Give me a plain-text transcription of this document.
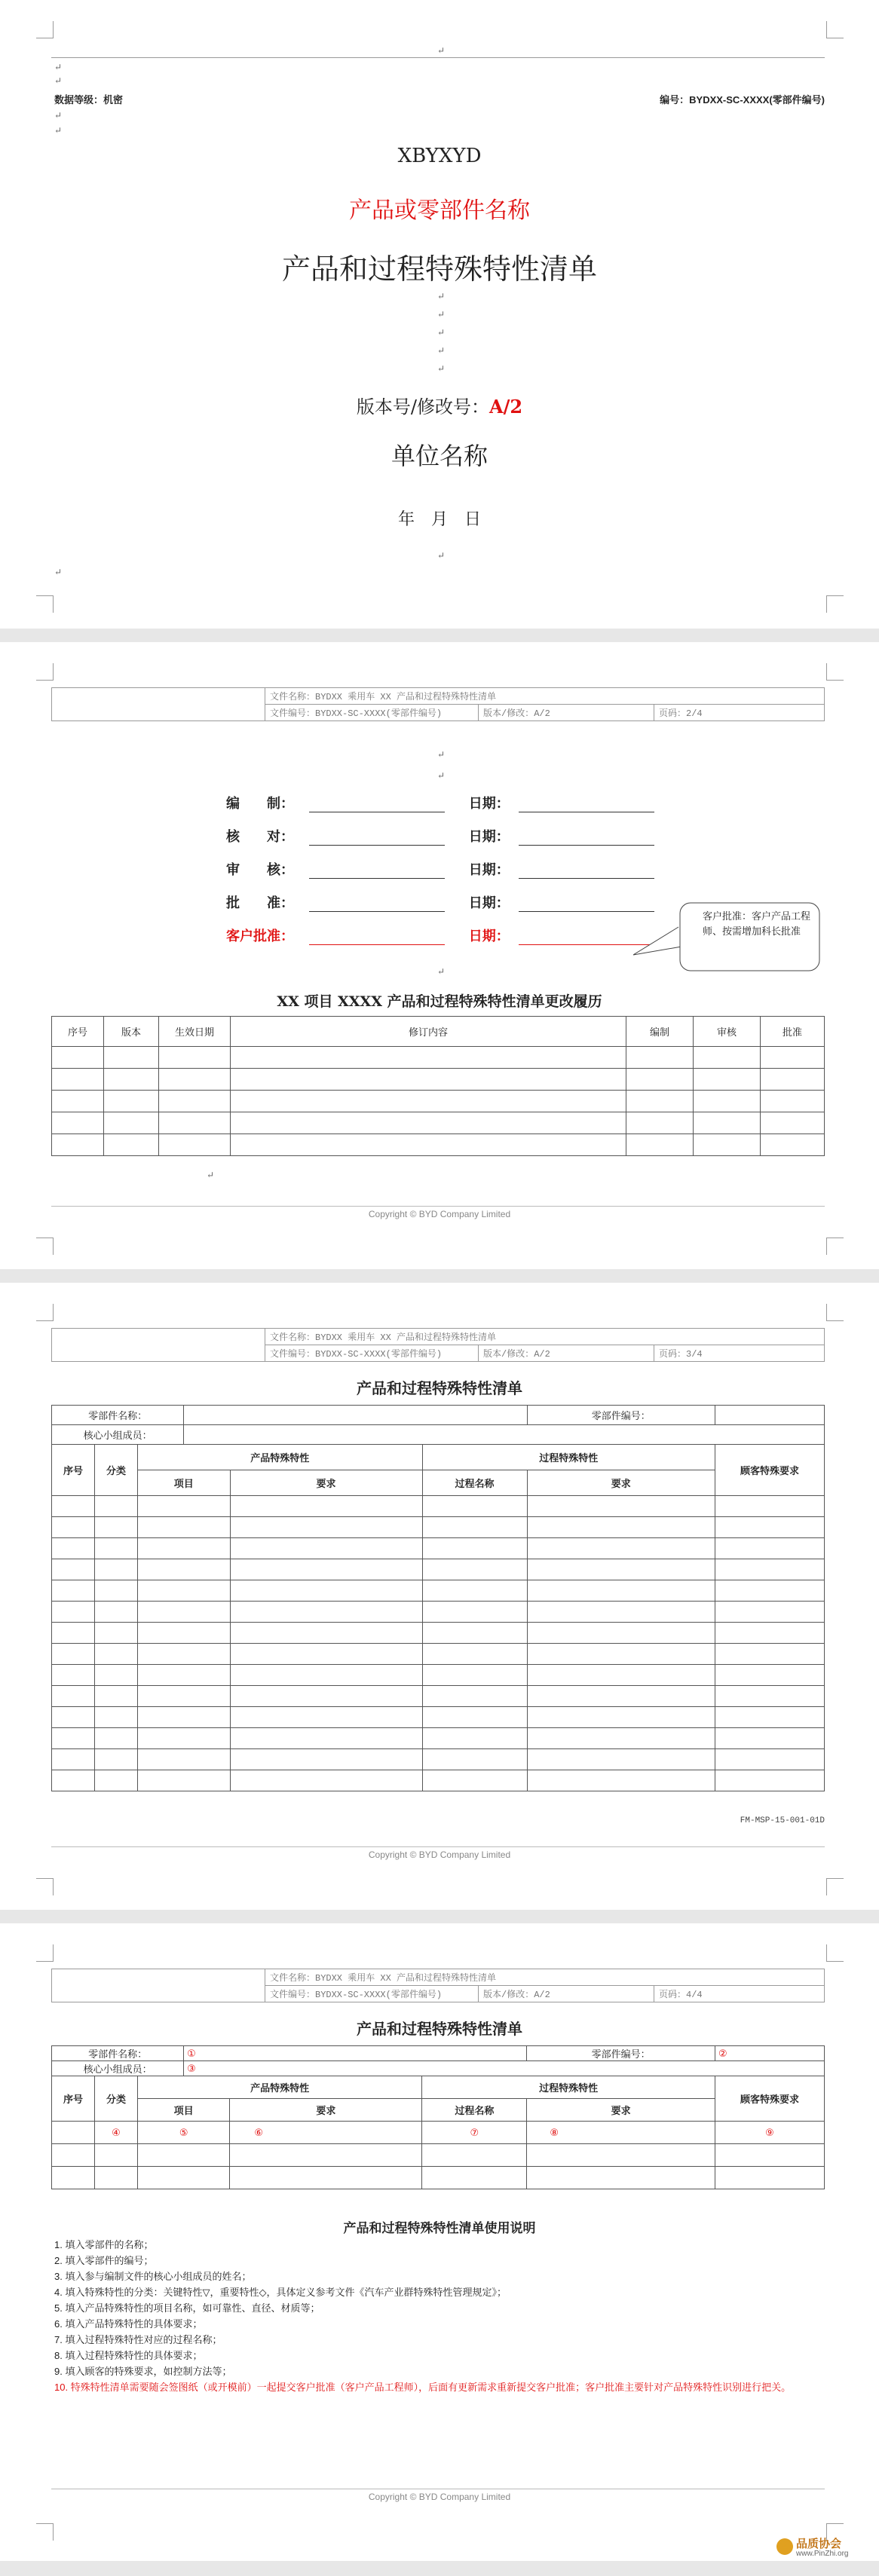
↵
↵
↵
数据等级：机密	编号：BYDXX-SC-XXXX(零部件编号)
↵
↵
XBYXYD
产品或零部件名称
产品和过程特殊特性清单
↵
↵
↵
↵
↵
版本号/修改号：A/2
单位名称
年　月　日
↵
↵
	文件名称：BYDXX 乘用车 XX 产品和过程特殊特性清单		
	文件编号：BYDXX-SC-XXXX(零部件编号)	版本/修改：A/2	页码：2/4
↵
↵
编　　制：	日期：
核　　对：	日期：
审　　核：	日期：
批　　准：	日期：
客户批准：	日期：
客户批准：客户产品工程师、按需增加科长批准
↵
XX 项目 XXXX 产品和过程特殊特性清单更改履历
序号	版本	生效日期	修订内容	编制	审核	批准

↵
Copyright © BYD Company Limited
	文件名称：BYDXX 乘用车 XX 产品和过程特殊特性清单		
	文件编号：BYDXX-SC-XXXX(零部件编号)	版本/修改：A/2	页码：3/4
产品和过程特殊特性清单
零部件名称：						零部件编号：	
核心小组成员：							
序号	分类	产品特殊特性			过程特殊特性		顾客特殊要求
		项目		要求	过程名称	要求	

FM-MSP-15-001-01D
Copyright © BYD Company Limited
	文件名称：BYDXX 乘用车 XX 产品和过程特殊特性清单		
	文件编号：BYDXX-SC-XXXX(零部件编号)	版本/修改：A/2	页码：4/4
产品和过程特殊特性清单
零部件名称：			①			零部件编号：	②
核心小组成员：			③				
序号	分类	产品特殊特性			过程特殊特性		顾客特殊要求
		项目		要求	过程名称	要求	
	④	⑤		⑥	⑦	⑧	⑨

产品和过程特殊特性清单使用说明
1. 填入零部件的名称；
2. 填入零部件的编号；
3. 填入参与编制文件的核心小组成员的姓名；
4. 填入特殊特性的分类：关键特性▽，重要特性◇，具体定义参考文件《汽车产业群特殊特性管理规定》；
5. 填入产品特殊特性的项目名称，如可靠性、直径、材质等；
6. 填入产品特殊特性的具体要求；
7. 填入过程特殊特性对应的过程名称；
8. 填入过程特殊特性的具体要求；
9. 填入顾客的特殊要求，如控制方法等；
10. 特殊特性清单需要随会签图纸（或开模前）一起提交客户批准（客户产品工程师），后面有更新需求重新提交客户批准；客户批准主要针对产品特殊特性识别进行把关。
Copyright © BYD Company Limited
品质协会
www.PinZhi.org
